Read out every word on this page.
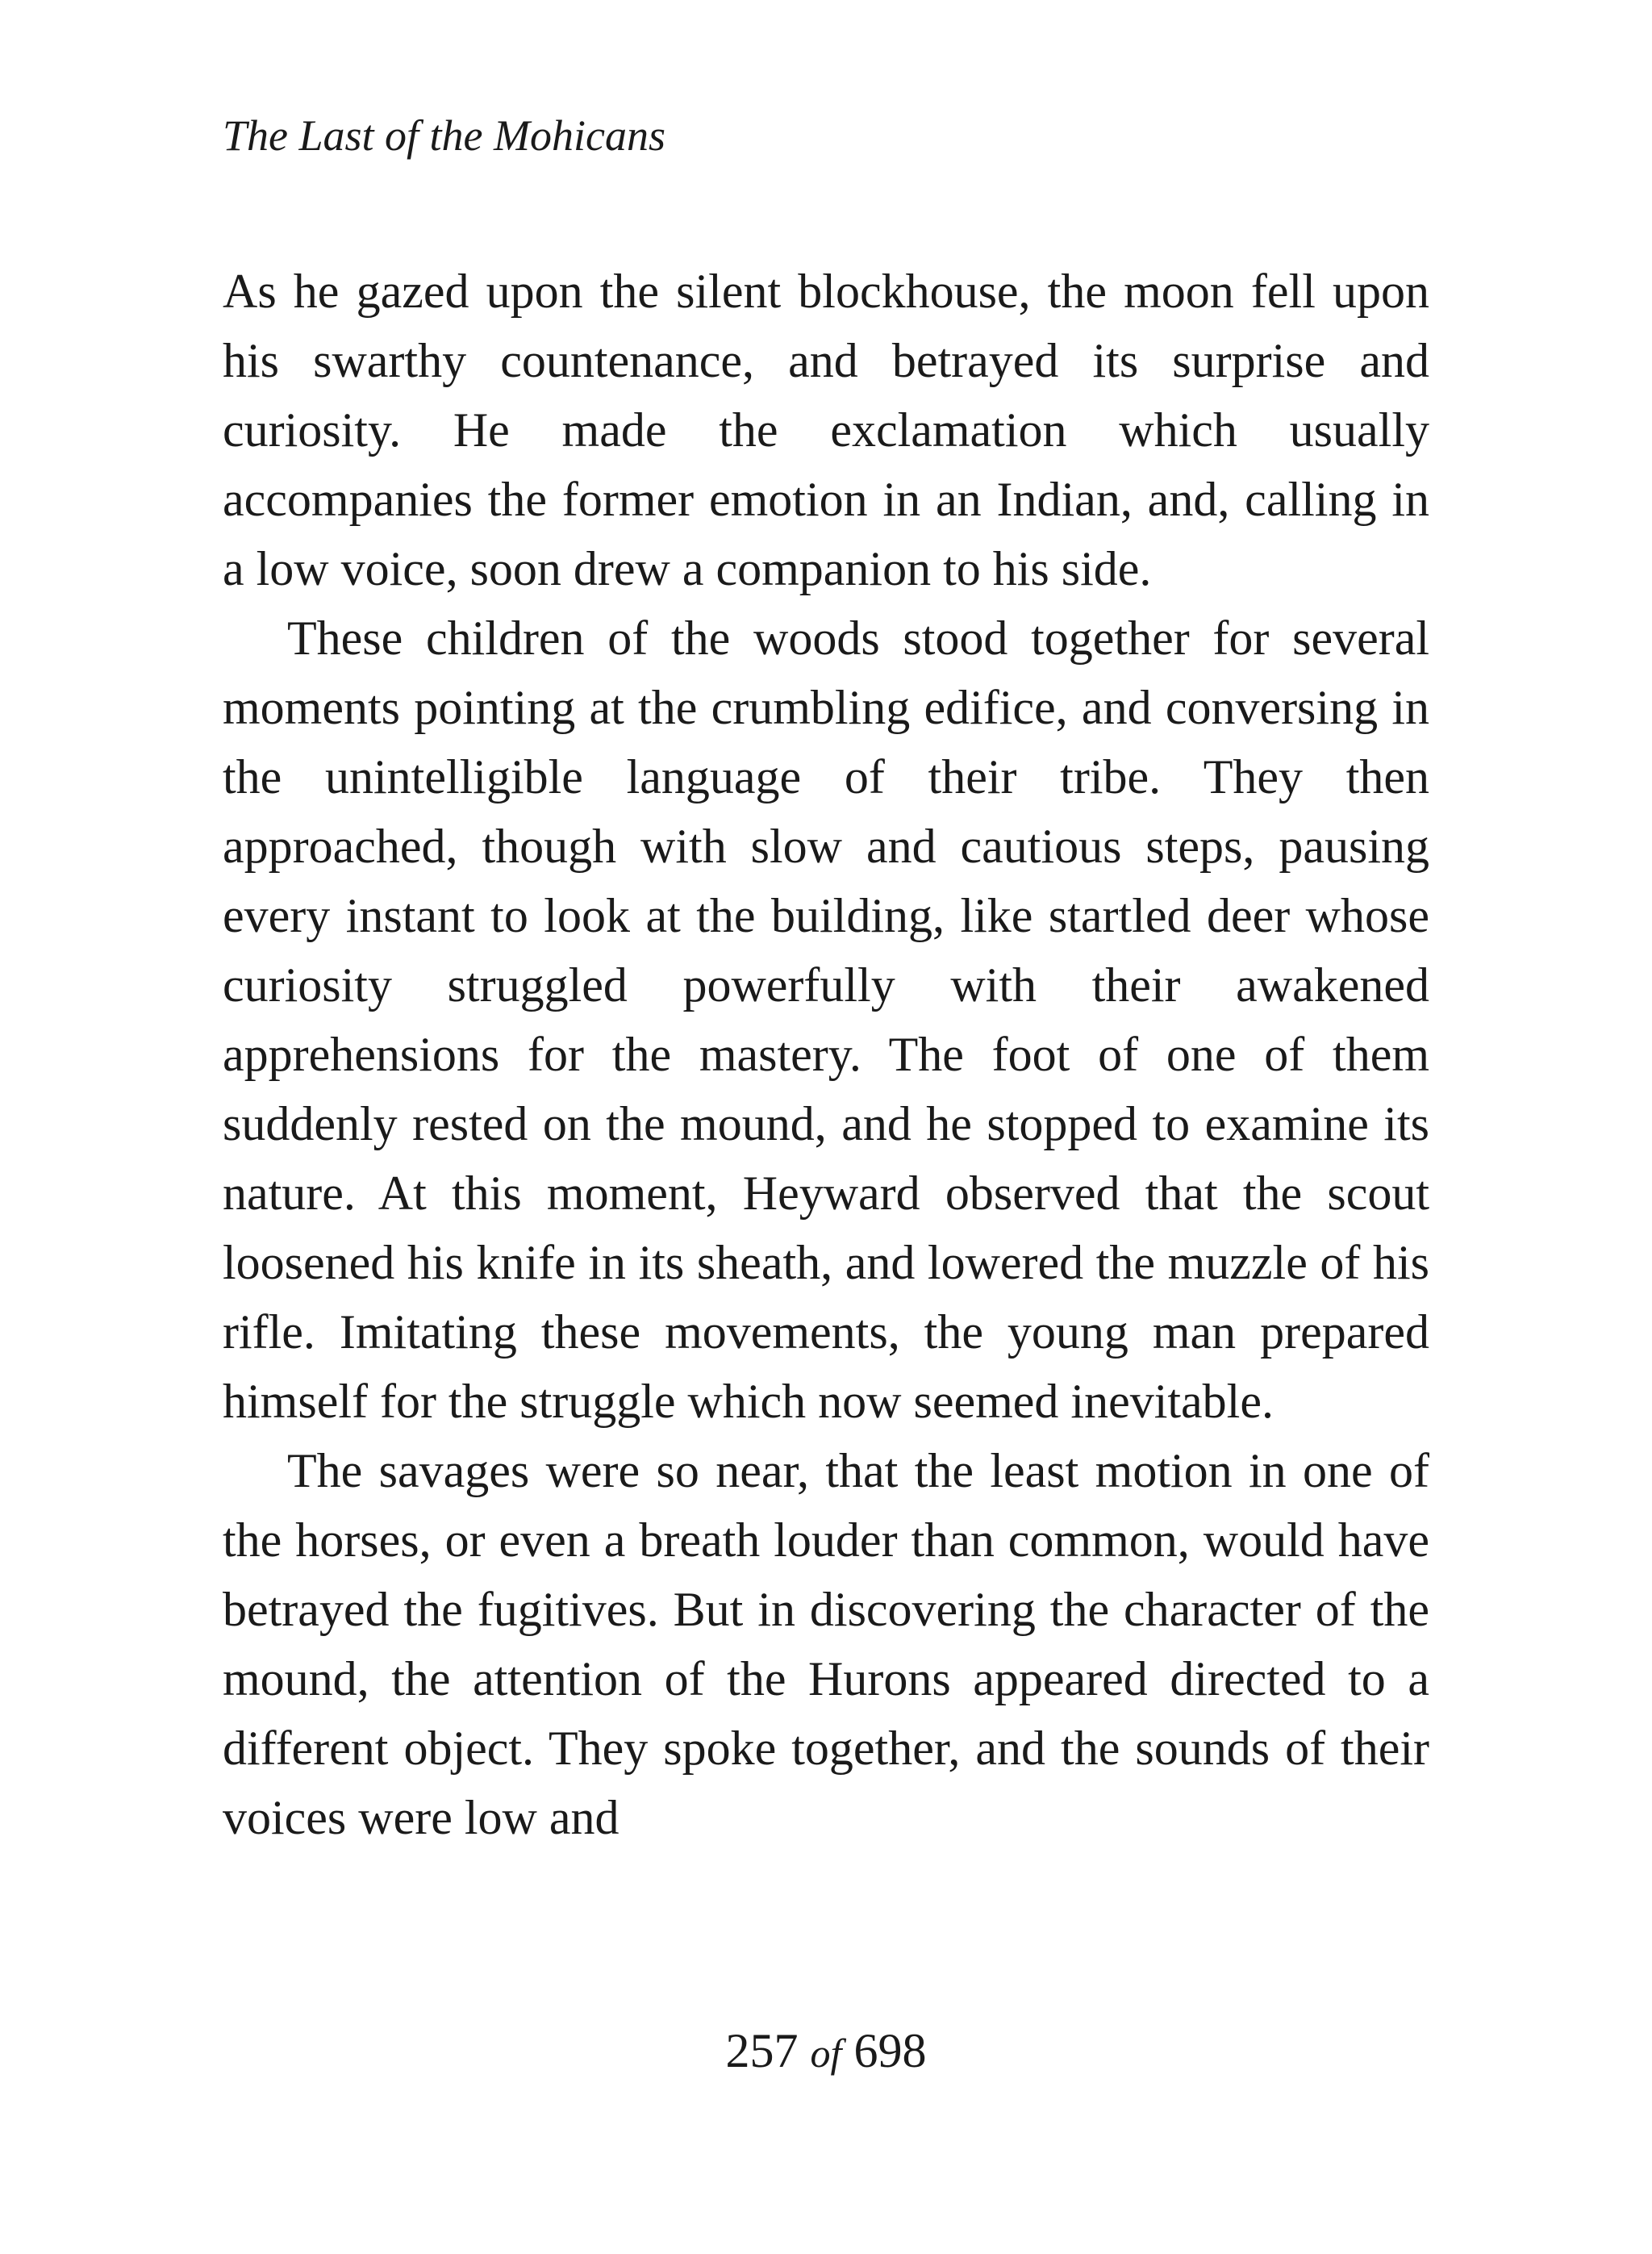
The Last of the Mohicans

As he gazed upon the silent blockhouse, the moon fell upon his swarthy countenance, and betrayed its surprise and curiosity. He made the exclamation which usually accompanies the former emotion in an Indian, and, calling in a low voice, soon drew a companion to his side.

These children of the woods stood together for several moments pointing at the crumbling edifice, and conversing in the unintelligible language of their tribe. They then approached, though with slow and cautious steps, pausing every instant to look at the building, like startled deer whose curiosity struggled powerfully with their awakened apprehensions for the mastery. The foot of one of them suddenly rested on the mound, and he stopped to examine its nature. At this moment, Heyward observed that the scout loosened his knife in its sheath, and lowered the muzzle of his rifle. Imitating these movements, the young man prepared himself for the struggle which now seemed inevitable.

The savages were so near, that the least motion in one of the horses, or even a breath louder than common, would have betrayed the fugitives. But in discovering the character of the mound, the attention of the Hurons appeared directed to a different object. They spoke together, and the sounds of their voices were low and

257 of 698
